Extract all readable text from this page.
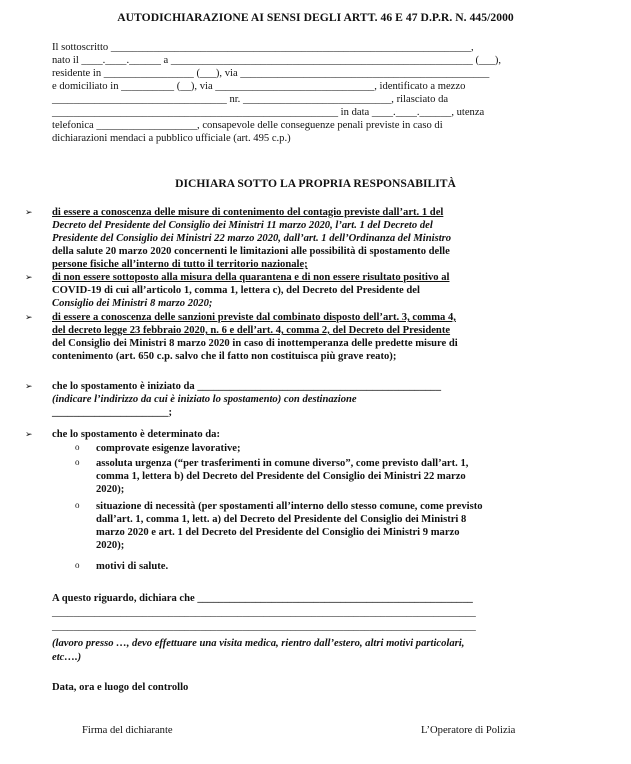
AUTODICHIARAZIONE AI SENSI DEGLI ARTT. 46 E 47 D.P.R. N. 445/2000
Il sottoscritto ____________________________________________________________________,
nato il ____.____.______ a _________________________________________________________ (___),
residente in _________________ (___), via _______________________________________________
e domiciliato in __________ (__), via ______________________________, identificato a mezzo
_________________________________ nr. ____________________________, rilasciato da
______________________________________________________ in data ____.____.______, utenza
telefonica ___________________, consapevole delle conseguenze penali previste in caso di
dichiarazioni mendaci a pubblico ufficiale (art. 495 c.p.)
DICHIARA SOTTO LA PROPRIA RESPONSABILITÀ
➢	di essere a conoscenza delle misure di contenimento del contagio previste dall’art. 1 del
Decreto del Presidente del Consiglio dei Ministri 11 marzo 2020, l’art. 1 del Decreto del
Presidente del Consiglio dei Ministri 22 marzo 2020, dall’art. 1 dell’Ordinanza del Ministro
della salute 20 marzo 2020 concernenti le limitazioni alle possibilità di spostamento delle
persone fisiche all’interno di tutto il territorio nazionale;
➢	di non essere sottoposto alla misura della quarantena e di non essere risultato positivo al
COVID-19 di cui all’articolo 1, comma 1, lettera c), del Decreto del Presidente del
Consiglio dei Ministri 8 marzo 2020;
➢	di essere a conoscenza delle sanzioni previste dal combinato disposto dell’art. 3, comma 4,
del decreto legge 23 febbraio 2020, n. 6 e dell’art. 4, comma 2, del Decreto del Presidente
del Consiglio dei Ministri 8 marzo 2020 in caso di inottemperanza delle predette misure di
contenimento (art. 650 c.p. salvo che il fatto non costituisca più grave reato);
➢	che lo spostamento è iniziato da ______________________________________________
(indicare l’indirizzo da cui è iniziato lo spostamento) con destinazione
______________________;
➢	che lo spostamento è determinato da:
o comprovate esigenze lavorative;
o assoluta urgenza (“per trasferimenti in comune diverso”, come previsto dall’art. 1,
comma 1, lettera b) del Decreto del Presidente del Consiglio dei Ministri 22 marzo
2020);
o situazione di necessità (per spostamenti all’interno dello stesso comune, come previsto
dall’art. 1, comma 1, lett. a) del Decreto del Presidente del Consiglio dei Ministri 8
marzo 2020 e art. 1 del Decreto del Presidente del Consiglio dei Ministri 9 marzo
2020);
o motivi di salute.
A questo riguardo, dichiara che ____________________________________________________
________________________________________________________________________________
________________________________________________________________________________
(lavoro presso …, devo effettuare una visita medica, rientro dall’estero, altri motivi particolari,
etc….)
Data, ora e luogo del controllo
Firma del dichiarante	L’Operatore di Polizia
